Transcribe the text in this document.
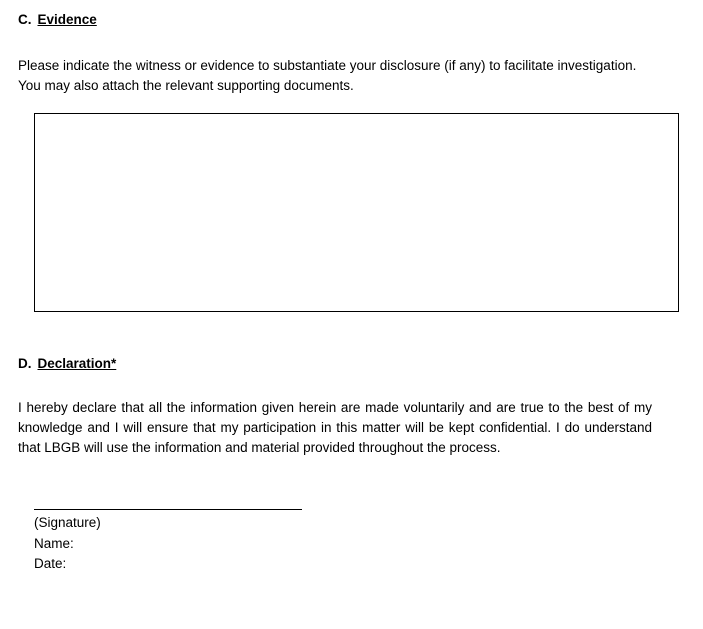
C. Evidence

Please indicate the witness or evidence to substantiate your disclosure (if any) to facilitate investigation. You may also attach the relevant supporting documents.

D. Declaration*

I hereby declare that all the information given herein are made voluntarily and are true to the best of my knowledge and I will ensure that my participation in this matter will be kept confidential. I do understand that LBGB will use the information and material provided throughout the process.

(Signature)
Name:
Date:
